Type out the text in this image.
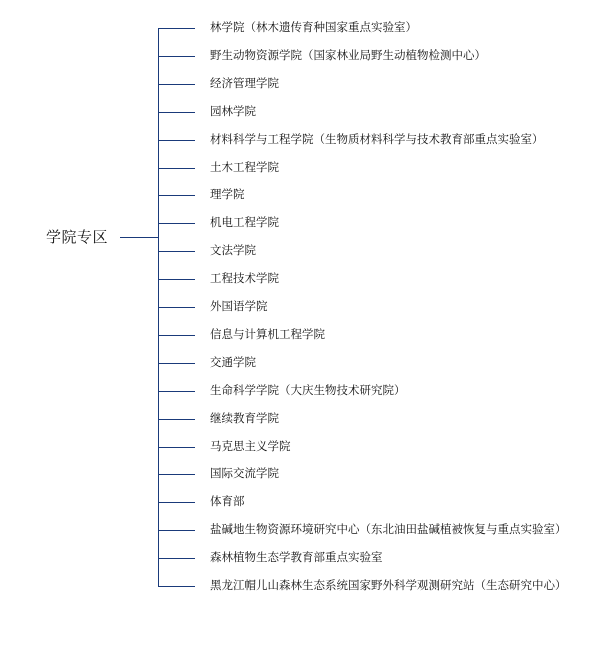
学院专区
林学院（林木遗传育种国家重点实验室）
野生动物资源学院（国家林业局野生动植物检测中心）
经济管理学院
园林学院
材料科学与工程学院（生物质材料科学与技术教育部重点实验室）
土木工程学院
理学院
机电工程学院
文法学院
工程技术学院
外国语学院
信息与计算机工程学院
交通学院
生命科学学院（大庆生物技术研究院）
继续教育学院
马克思主义学院
国际交流学院
体育部
盐碱地生物资源环境研究中心（东北油田盐碱植被恢复与重点实验室）
森林植物生态学教育部重点实验室
黑龙江帽儿山森林生态系统国家野外科学观测研究站（生态研究中心）
